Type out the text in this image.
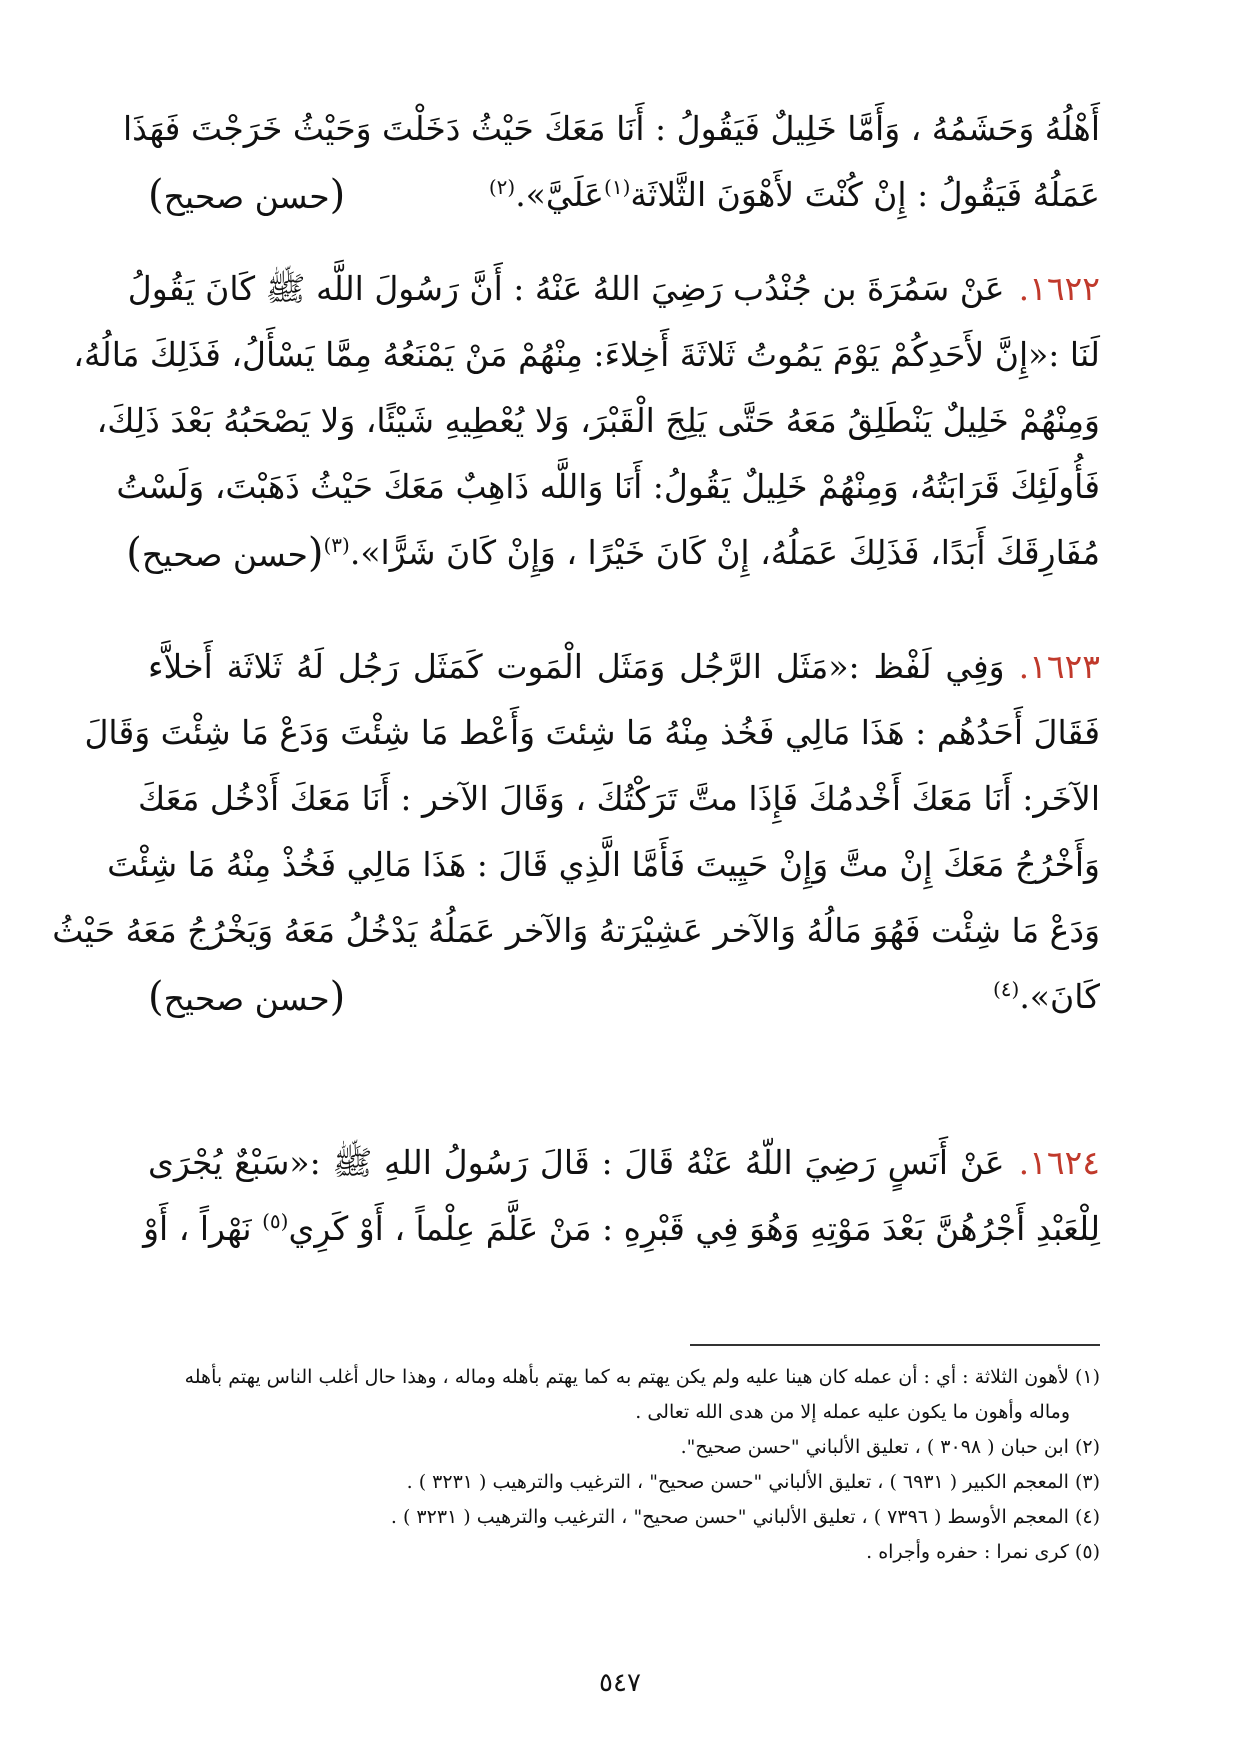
أَهْلُهُ وَحَشَمُهُ ، وَأَمَّا خَلِيلٌ فَيَقُولُ : أَنَا مَعَكَ حَيْثُ دَخَلْتَ وَحَيْثُ خَرَجْتَ فَهَذَا
عَمَلُهُ فَيَقُولُ : إِنْ كُنْتَ لأَهْوَنَ الثَّلاثَة$^{(١)}$عَلَيَّ».$^{(٢)}$
(حسن صحيح)
١٦٢٢.عَنْ سَمُرَةَ بن جُنْدُب رَضِيَ اللهُ عَنْهُ : أَنَّ رَسُولَ اللَّه ﷺ كَانَ يَقُولُ
لَنَا :«إِنَّ لأَحَدِكُمْ يَوْمَ يَمُوتُ ثَلاثَةَ أَخِلاءَ: مِنْهُمْ مَنْ يَمْنَعُهُ مِمَّا يَسْأَلُ، فَذَلِكَ مَالُهُ،
وَمِنْهُمْ خَلِيلٌ يَنْطَلِقُ مَعَهُ حَتَّى يَلِجَ الْقَبْرَ، وَلا يُعْطِيهِ شَيْئًا، وَلا يَصْحَبُهُ بَعْدَ ذَلِكَ،
فَأُولَئِكَ قَرَابَتُهُ، وَمِنْهُمْ خَلِيلٌ يَقُولُ: أَنَا وَاللَّه ذَاهِبٌ مَعَكَ حَيْثُ ذَهَبْتَ، وَلَسْتُ
مُفَارِقَكَ أَبَدًا، فَذَلِكَ عَمَلُهُ، إِنْ كَانَ خَيْرًا ، وَإِنْ كَانَ شَرًّا».$^{(٣)}$
(حسن صحيح)
١٦٢٣.وَفِي لَفْظ :«مَثَل الرَّجُل وَمَثَل الْمَوت كَمَثَل رَجُل لَهُ ثَلاثَة أَخلاَّء
فَقَالَ أَحَدُهُم : هَذَا مَالِي فَخُذ مِنْهُ مَا شِئتَ وَأَعْط مَا شِئْتَ وَدَعْ مَا شِئْتَ وَقَالَ
الآخَر: أَنَا مَعَكَ أَخْدمُكَ فَإِذَا متَّ تَرَكْتُكَ ، وَقَالَ الآخر : أَنَا مَعَكَ أَدْخُل مَعَكَ
وَأَخْرُجُ مَعَكَ إِنْ متَّ وَإِنْ حَيِيتَ فَأَمَّا الَّذِي قَالَ : هَذَا مَالِي فَخُذْ مِنْهُ مَا شِئْتَ
وَدَعْ مَا شِئْت فَهُوَ مَالُهُ وَالآخر عَشِيْرَتهُ وَالآخر عَمَلُهُ يَدْخُلُ مَعَهُ وَيَخْرُجُ مَعَهُ حَيْثُ
كَانَ».$^{(٤)}$
(حسن صحيح)
١٦٢٤.عَنْ أَنَسٍ رَضِيَ اللّهُ عَنْهُ قَالَ : قَالَ رَسُولُ اللهِ ﷺ :«سَبْعٌ يُجْرَى
لِلْعَبْدِ أَجْرُهُنَّ بَعْدَ مَوْتِهِ وَهُوَ فِي قَبْرِهِ : مَنْ عَلَّمَ عِلْماً ، أَوْ كَرِي$^{(٥)}$ نَهْراً ، أَوْ
(١) لأهون الثلاثة : أي : أن عمله كان هينا عليه ولم يكن يهتم به كما يهتم بأهله وماله ، وهذا حال أغلب الناس يهتم بأهله
وماله وأهون ما يكون عليه عمله إلا من هدى الله تعالى .
(٢) ابن حبان ( ٣٠٩٨ ) ، تعليق الألباني "حسن صحيح".
(٣) المعجم الكبير ( ٦٩٣١ ) ، تعليق الألباني "حسن صحيح" ، الترغيب والترهيب ( ٣٢٣١ ) .
(٤) المعجم الأوسط ( ٧٣٩٦ ) ، تعليق الألباني "حسن صحيح" ، الترغيب والترهيب ( ٣٢٣١ ) .
(٥) كرى نمرا : حفره وأجراه .
٥٤٧
